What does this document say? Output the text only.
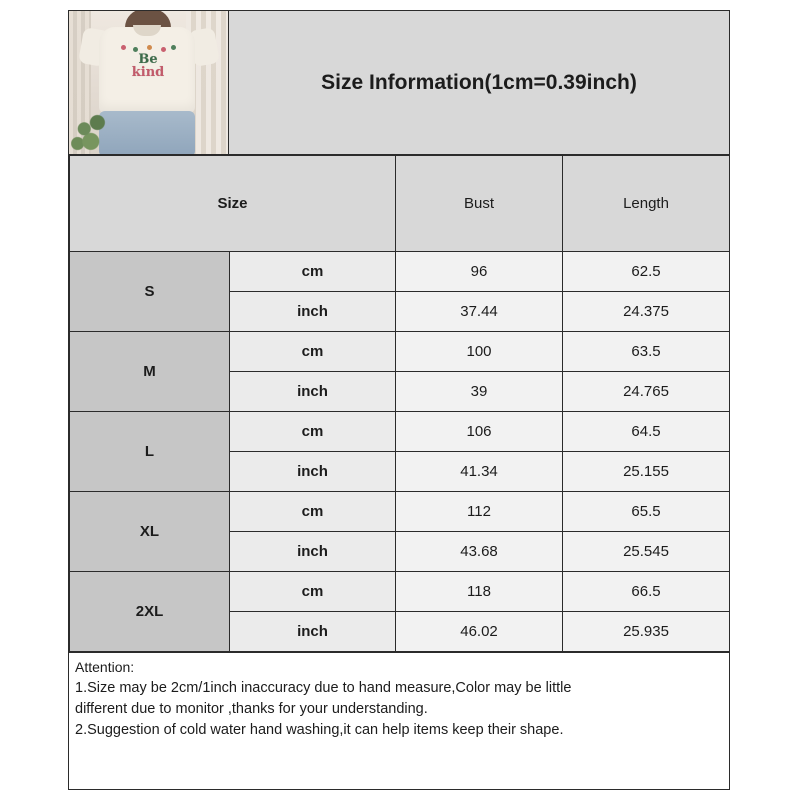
Be
kind	Size Information(1cm=0.39inch)
Size		Bust	Length
S	cm	96	62.5
	inch	37.44	24.375
M	cm	100	63.5
	inch	39	24.765
L	cm	106	64.5
	inch	41.34	25.155
XL	cm	112	65.5
	inch	43.68	25.545
2XL	cm	118	66.5
	inch	46.02	25.935
Attention:
1.Size may be 2cm/1inch inaccuracy due to hand measure,Color may be little
different due to monitor ,thanks for your understanding.
2.Suggestion of cold water hand washing,it can help items keep their shape.
